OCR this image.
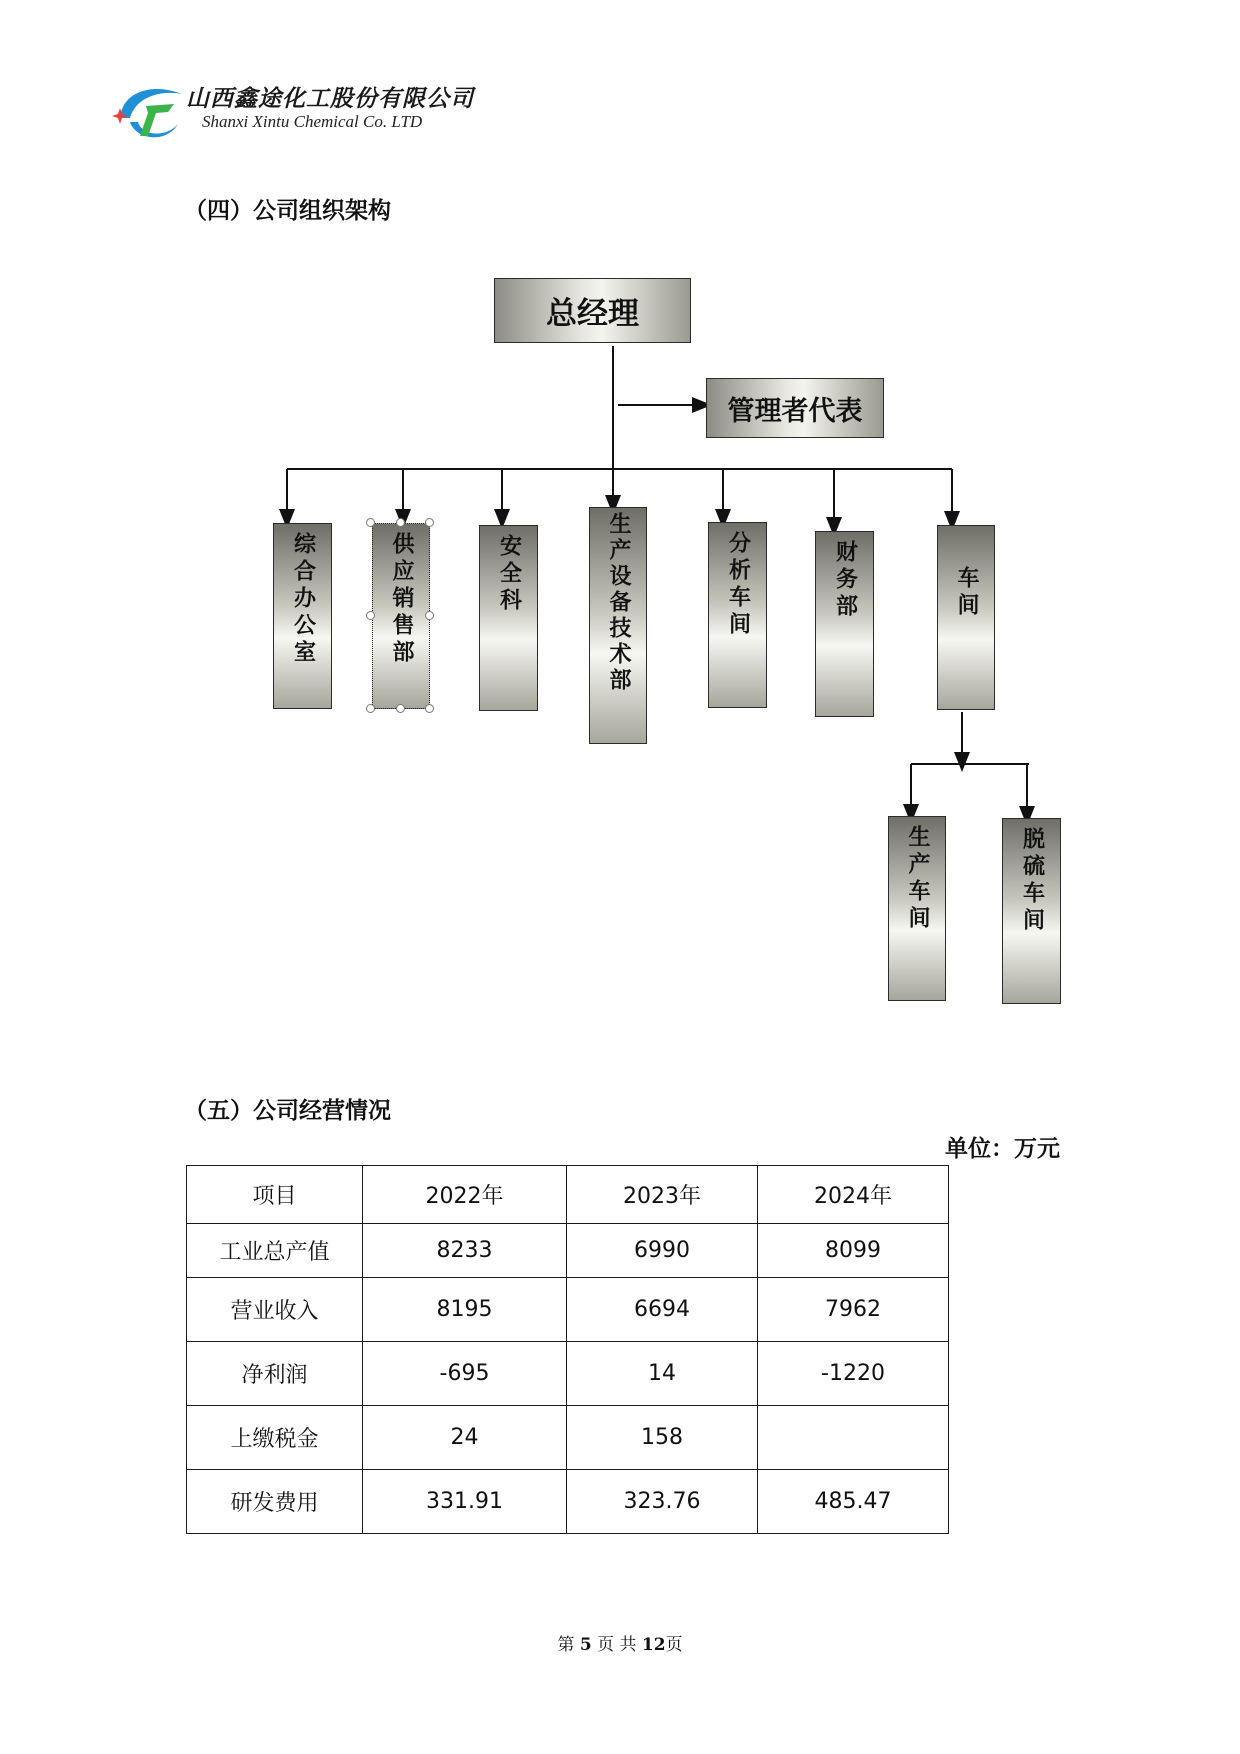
山西鑫途化工股份有限公司
Shanxi Xintu Chemical Co. LTD
（四）公司组织架构
总经理
管理者代表
综合办公室	供应销售部	安全科	生产设备技术部	分析车间	财务部	车间
生产车间	脱硫车间
（五）公司经营情况
单位：万元
项目	2022年	2023年	2024年
工业总产值	8233	6990	8099
营业收入	8195	6694	7962
净利润	-695	14	-1220
上缴税金	24	158	
研发费用	331.91	323.76	485.47
第 5 页 共 12页
